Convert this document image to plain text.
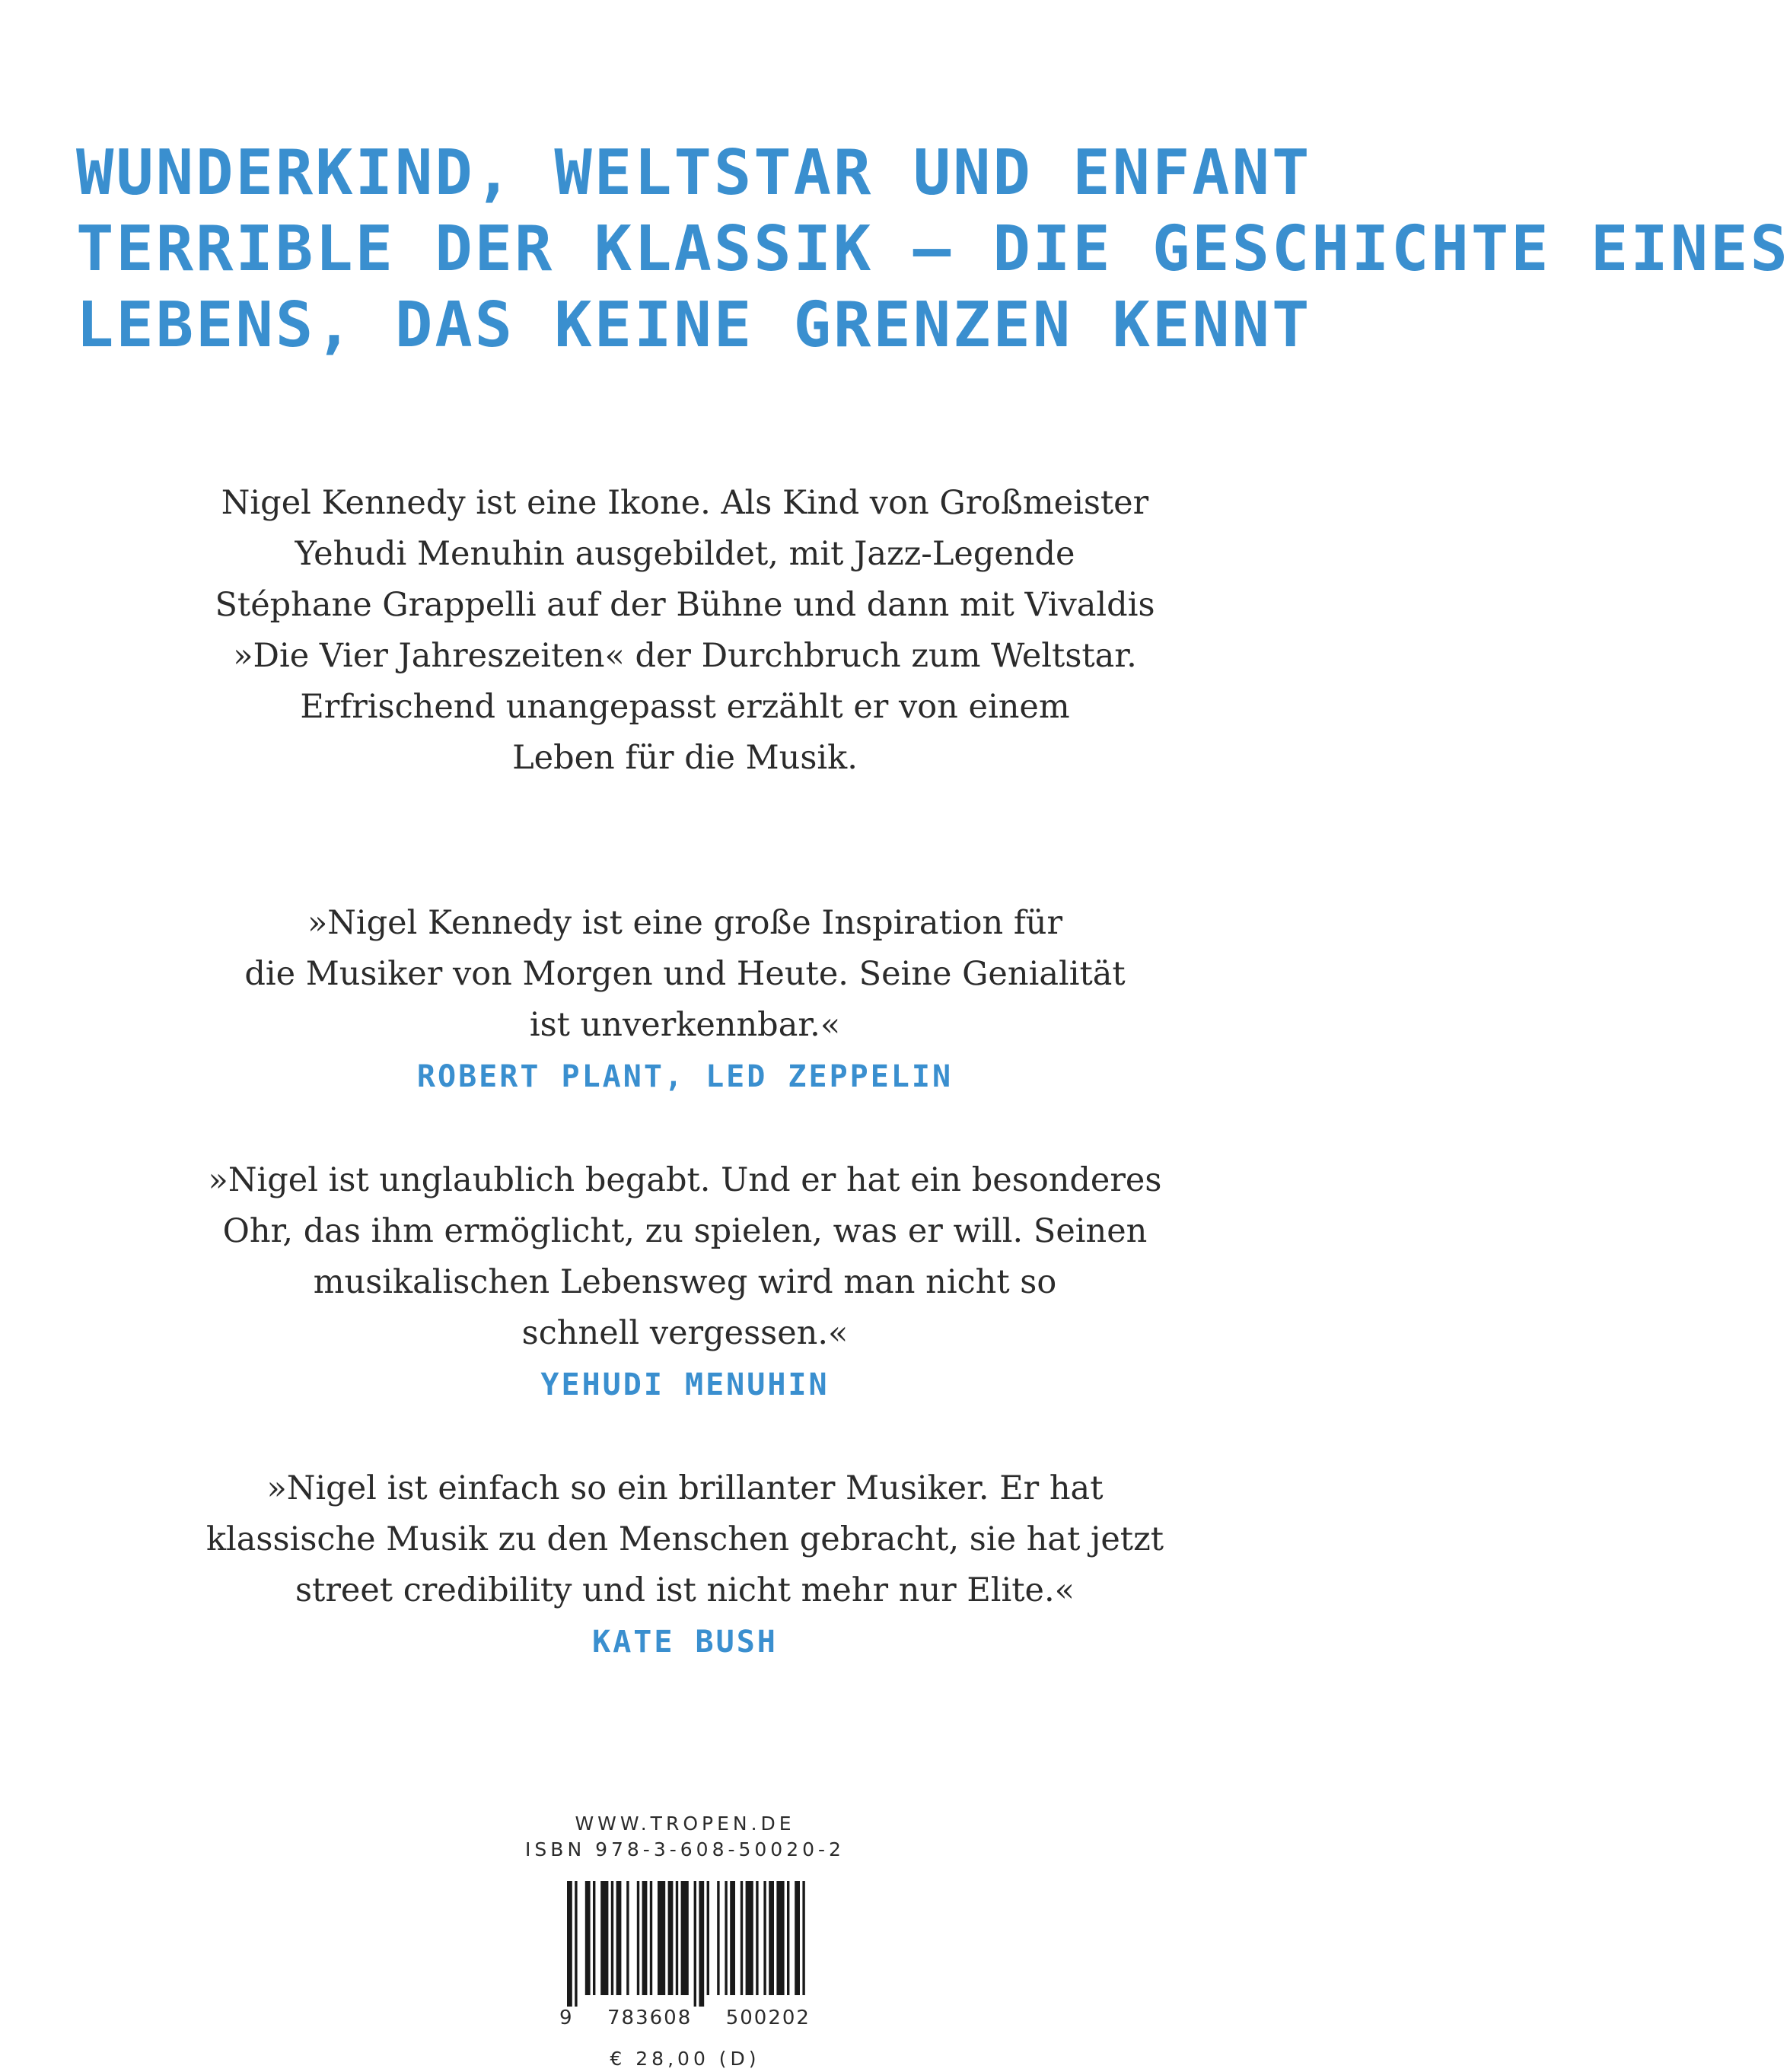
WUNDERKIND, WELTSTAR UND ENFANT
TERRIBLE DER KLASSIK – DIE GESCHICHTE EINES
LEBENS, DAS KEINE GRENZEN KENNT
Nigel Kennedy ist eine Ikone. Als Kind von Großmeister
Yehudi Menuhin ausgebildet, mit Jazz-Legende
Stéphane Grappelli auf der Bühne und dann mit Vivaldis
»Die Vier Jahreszeiten« der Durchbruch zum Weltstar.
Erfrischend unangepasst erzählt er von einem
Leben für die Musik.
»Nigel Kennedy ist eine große Inspiration für
die Musiker von Morgen und Heute. Seine Genialität
ist unverkennbar.«
ROBERT PLANT, LED ZEPPELIN
»Nigel ist unglaublich begabt. Und er hat ein besonderes
Ohr, das ihm ermöglicht, zu spielen, was er will. Seinen
musikalischen Lebensweg wird man nicht so
schnell vergessen.«
YEHUDI MENUHIN
»Nigel ist einfach so ein brillanter Musiker. Er hat
klassische Musik zu den Menschen gebracht, sie hat jetzt
street credibility und ist nicht mehr nur Elite.«
KATE BUSH
WWW.TROPEN.DE
ISBN 978-3-608-50020-2
9 783608 500202
€ 28,00 (D)
